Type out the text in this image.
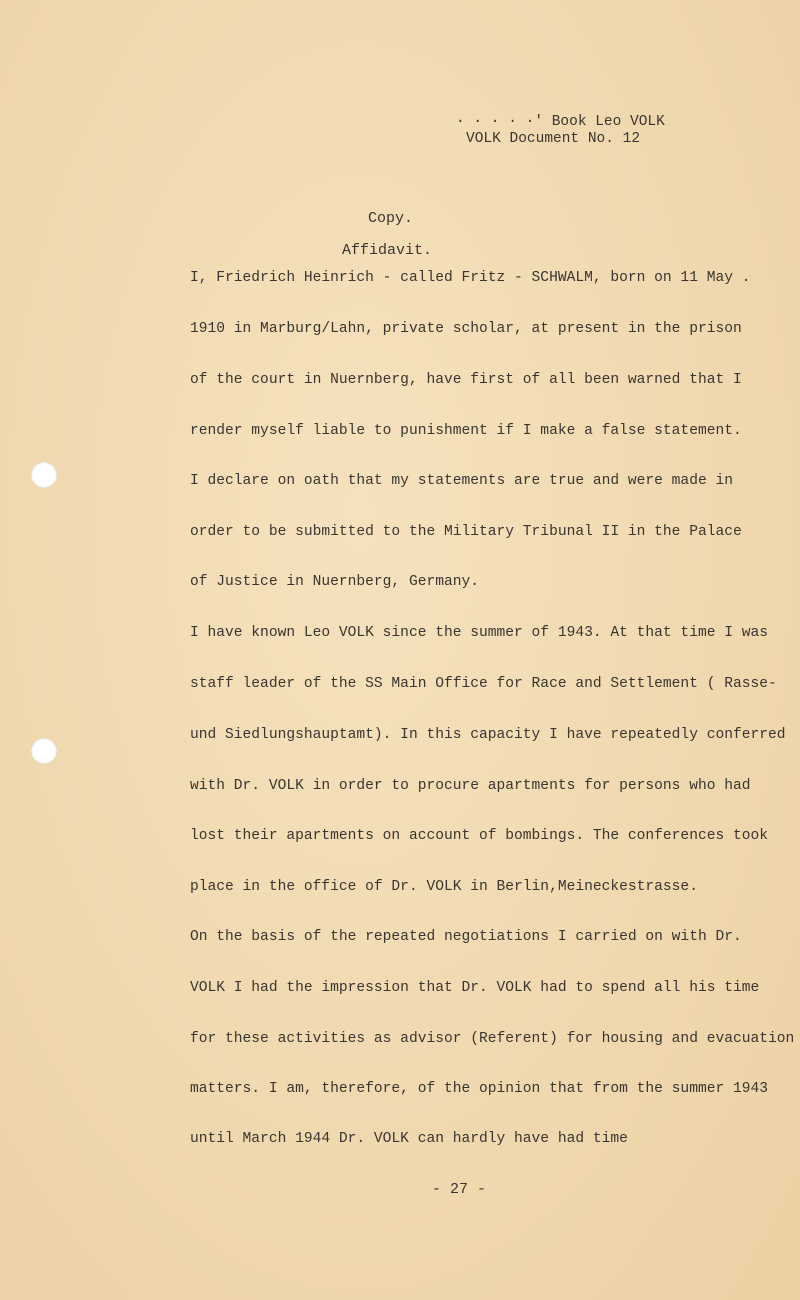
· · · · ·' Book Leo VOLK
VOLK Document No. 12
Copy.
Affidavit.
I, Friedrich Heinrich - called Fritz - SCHWALM, born on 11 May .
1910 in Marburg/Lahn, private scholar, at present in the prison
of the court in Nuernberg, have first of all been warned that I
render myself liable to punishment if I make a false statement.
I declare on oath that my statements are true and were made in
order to be submitted to the Military Tribunal II in the Palace
of Justice in Nuernberg, Germany.
I have known Leo VOLK since the summer of 1943. At that time I was
staff leader of the SS Main Office for Race and Settlement ( Rasse-
und Siedlungshauptamt). In this capacity I have repeatedly conferred
with Dr. VOLK in order to procure apartments for persons who had
lost their apartments on account of bombings. The conferences took
place in the office of Dr. VOLK in Berlin,Meineckestrasse.
On the basis of the repeated negotiations I carried on with Dr.
VOLK I had the impression that Dr. VOLK had to spend all his time
for these activities as advisor (Referent) for housing and evacuation
matters. I am, therefore, of the opinion that from the summer 1943
until March 1944 Dr. VOLK can hardly have had time
- 27 -
